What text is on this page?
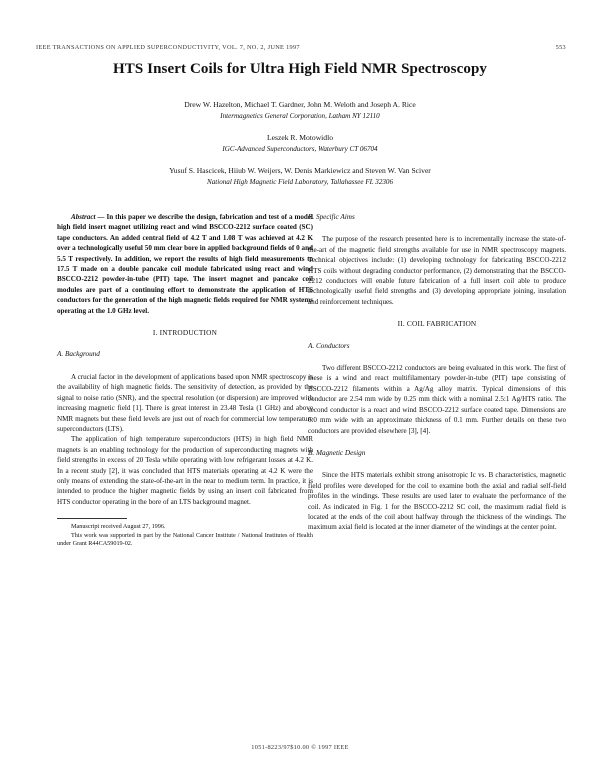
IEEE TRANSACTIONS ON APPLIED SUPERCONDUCTIVITY, VOL. 7, NO. 2, JUNE 1997	553
HTS Insert Coils for Ultra High Field NMR Spectroscopy
Drew W. Hazelton, Michael T. Gardner, John M. Weloth and Joseph A. Rice
Intermagnetics General Corporation, Latham NY 12110
Leszek R. Motowidlo
IGC-Advanced Superconductors, Waterbury CT 06704
Yusuf S. Hascicek, Hiiub W. Weijers, W. Denis Markiewicz and Steven W. Van Sciver
National High Magnetic Field Laboratory, Tallahassee FL 32306

Abstract — In this paper we describe the design, fabrication and test of a model high field insert magnet utilizing react and wind BSCCO-2212 surface coated (SC) tape conductors. An added central field of 4.2 T and 1.08 T was achieved at 4.2 K over a technologically useful 50 mm clear bore in applied background fields of 0 and 5.5 T respectively. In addition, we report the results of high field measurements to 17.5 T made on a double pancake coil module fabricated using react and wind BSCCO-2212 powder-in-tube (PIT) tape. The insert magnet and pancake coil modules are part of a continuing effort to demonstrate the application of HTS conductors for the generation of the high magnetic fields required for NMR systems operating at the 1.0 GHz level.

I. INTRODUCTION
A. Background

A crucial factor in the development of applications based upon NMR spectroscopy is the availability of high magnetic fields. The sensitivity of detection, as provided by the signal to noise ratio (SNR), and the spectral resolution (or dispersion) are improved with increasing magnetic field [1]. There is great interest in 23.48 Tesla (1 GHz) and above NMR magnets but these field levels are just out of reach for commercial low temperature superconductors (LTS).

The application of high temperature superconductors (HTS) in high field NMR magnets is an enabling technology for the production of superconducting magnets with field strengths in excess of 20 Tesla while operating with low refrigerant losses at 4.2 K. In a recent study [2], it was concluded that HTS materials operating at 4.2 K were the only means of extending the state-of-the-art in the near to medium term. In practice, it is intended to produce the higher magnetic fields by using an insert coil fabricated from HTS conductor operating in the bore of an LTS background magnet.

Manuscript received August 27, 1996.

This work was supported in part by the National Cancer Institute / National Institutes of Health under Grant R44CA59019-02.

B. Specific Aims

The purpose of the research presented here is to incrementally increase the state-of-the-art of the magnetic field strengths available for use in NMR spectroscopy magnets. Technical objectives include: (1) developing technology for fabricating BSCCO-2212 HTS coils without degrading conductor performance, (2) demonstrating that the BSCCO-2212 conductors will enable future fabrication of a full insert coil able to produce technologically useful field strengths and (3) developing appropriate joining, insulation and reinforcement techniques.

II. COIL FABRICATION
A. Conductors

Two different BSCCO-2212 conductors are being evaluated in this work. The first of these is a wind and react multifilamentary powder-in-tube (PIT) tape consisting of BSCCO-2212 filaments within a Ag/Ag alloy matrix. Typical dimensions of this conductor are 2.54 mm wide by 0.25 mm thick with a nominal 2.5:1 Ag/HTS ratio. The second conductor is a react and wind BSCCO-2212 surface coated tape. Dimensions are 6.0 mm wide with an approximate thickness of 0.1 mm. Further details on these two conductors are provided elsewhere [3], [4].

B. Magnetic Design

Since the HTS materials exhibit strong anisotropic Ic vs. B characteristics, magnetic field profiles were developed for the coil to examine both the axial and radial self-field profiles in the windings. These results are used later to evaluate the performance of the coil. As indicated in Fig. 1 for the BSCCO-2212 SC coil, the maximum radial field is located at the ends of the coil about halfway through the thickness of the windings. The maximum axial field is located at the inner diameter of the windings at the center point.

1051-8223/97$10.00 © 1997 IEEE
